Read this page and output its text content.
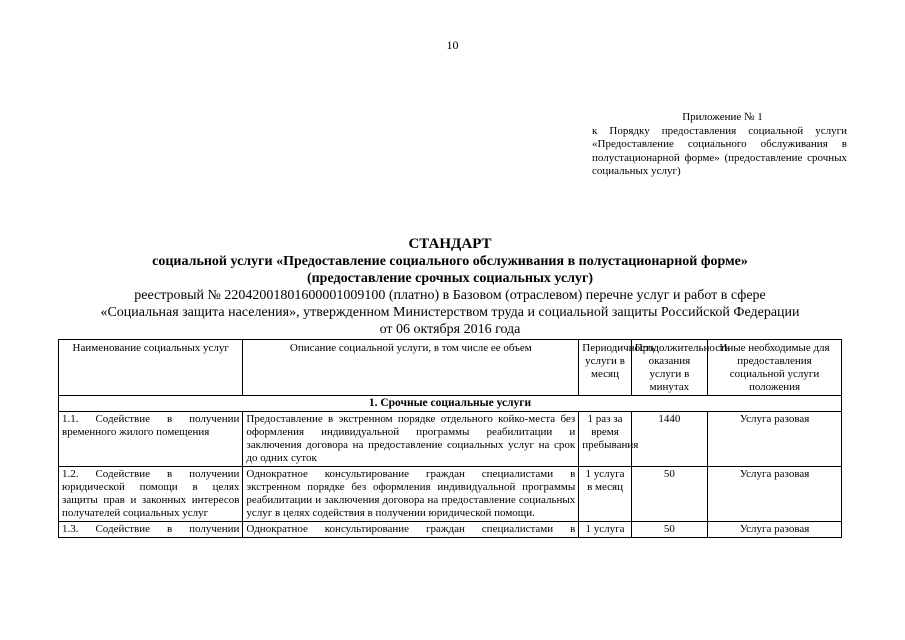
10
Приложение № 1
к Порядку предоставления социальной услуги «Предоставление социального обслуживания в полустационарной форме» (предоставление срочных социальных услуг)
СТАНДАРТ
социальной услуги «Предоставление социального обслуживания в полустационарной форме»
(предоставление срочных социальных услуг)
реестровый № 22042001801600001009100 (платно) в Базовом (отраслевом) перечне услуг и работ в сфере
«Социальная защита населения», утвержденном Министерством труда и социальной защиты Российской Федерации
от 06 октября 2016 года
Наименование социальных услуг	Описание социальной услуги, в том числе ее объем	Периодичность услуги в месяц	Продолжительность оказания услуги в минутах	Иные необходимые для предоставления социальной услуги положения
1. Срочные социальные услуги				
1.1. Содействие в получении временного жилого помещения	Предоставление в экстренном порядке отдельного койко-места без оформления индивидуальной программы реабилитации и заключения договора на предоставление социальных услуг на срок до одних суток	1 раз за время пребывания	1440	Услуга разовая
1.2. Содействие в получении юридической помощи в целях защиты прав и законных интересов получателей социальных услуг	Однократное консультирование граждан специалистами в экстренном порядке без оформления индивидуальной программы реабилитации и заключения договора на предоставление социальных услуг в целях содействия в получении юридической помощи.	1 услуга в месяц	50	Услуга разовая
1.3. Содействие в получении	Однократное консультирование граждан специалистами в	1 услуга	50	Услуга разовая
